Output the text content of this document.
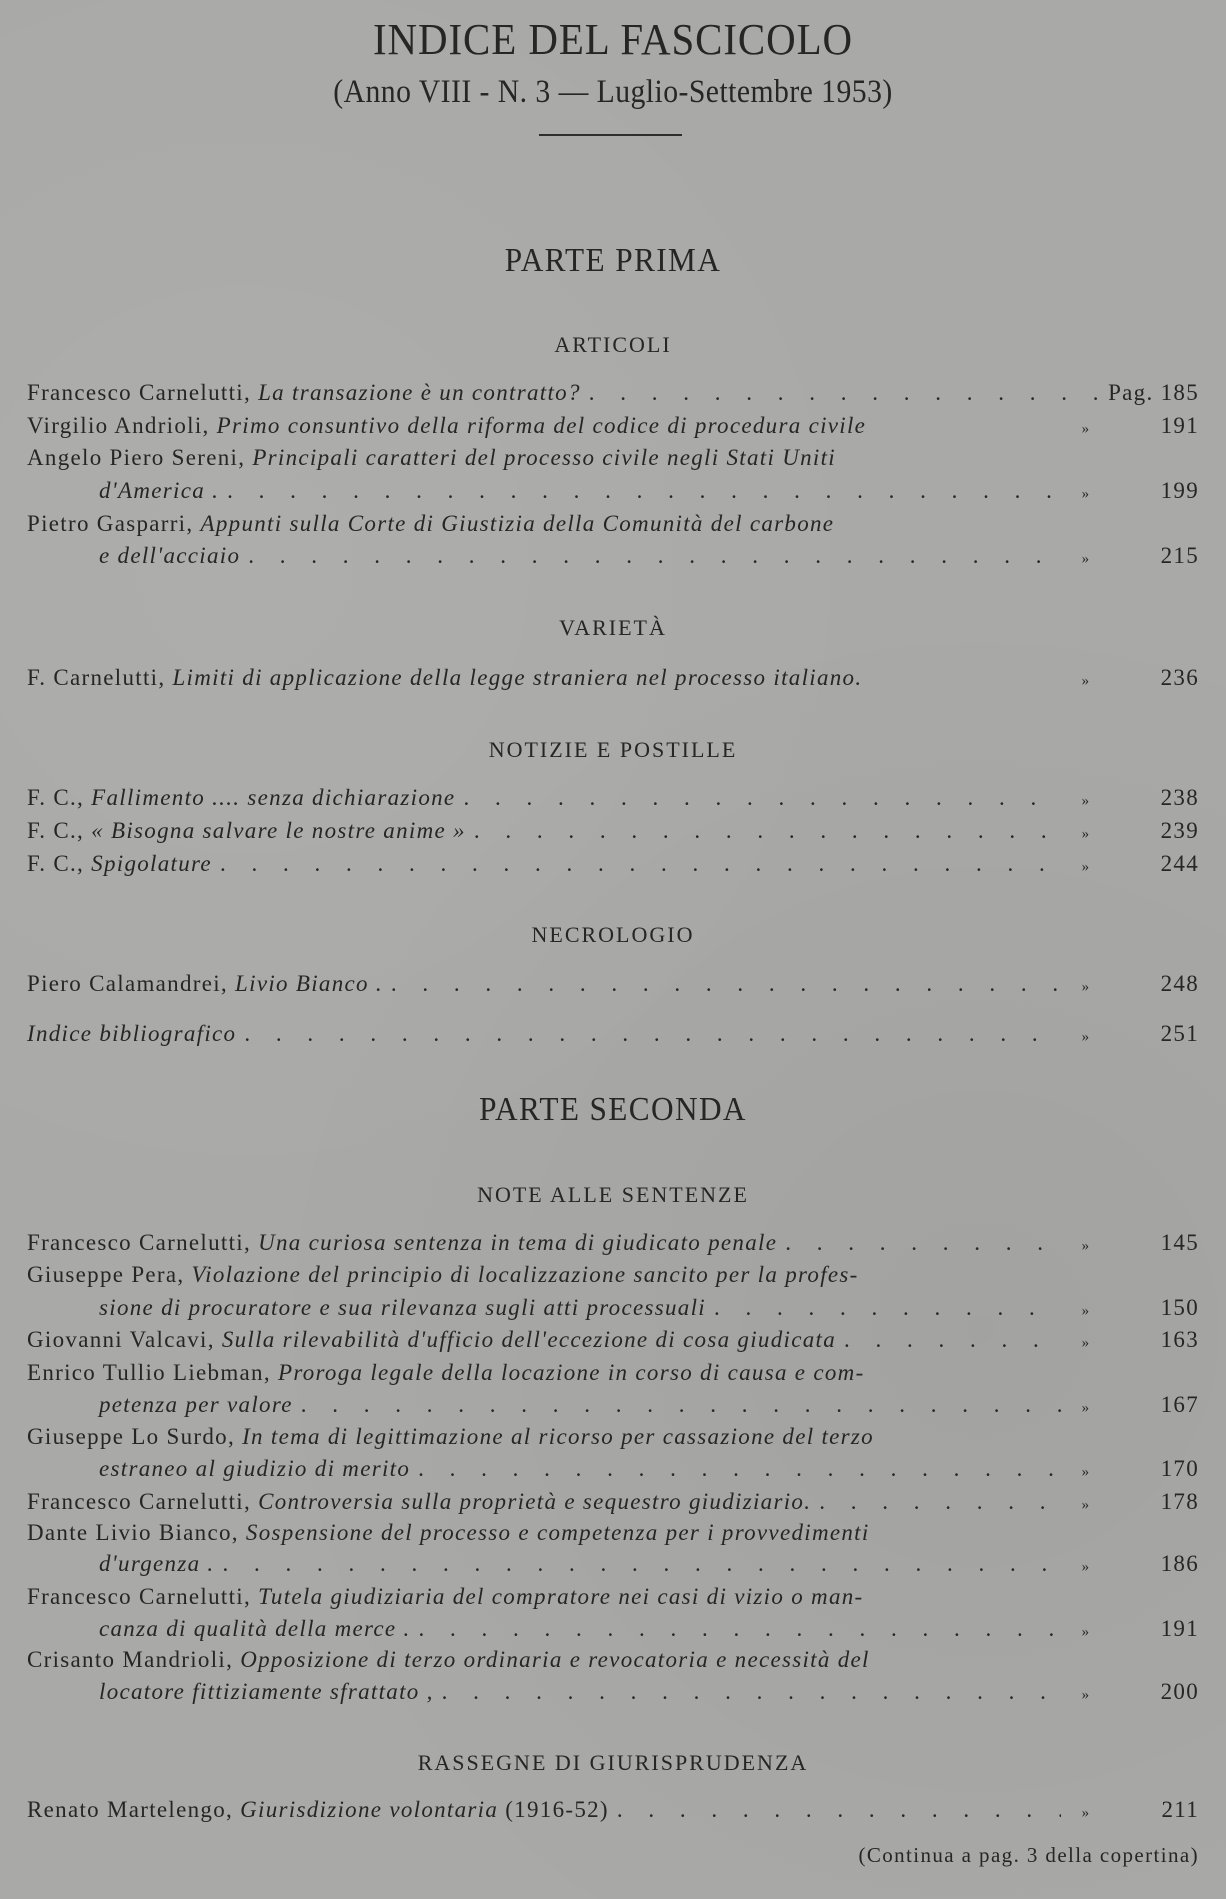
INDICE DEL FASCICOLO
(Anno VIII - N. 3 — Luglio-Settembre 1953)
PARTE PRIMA
ARTICOLI
Francesco Carnelutti, La transazione è un contratto? . . .	Pag. 185
Virgilio Andrioli, Primo consuntivo della riforma del codice di procedura civile	»	191
Angelo Piero Sereni, Principali caratteri del processo civile negli Stati Uniti
d'America . . . .	»	199
Pietro Gasparri, Appunti sulla Corte di Giustizia della Comunità del carbone
e dell'acciaio . . .	»	215
VARIETÀ
F. Carnelutti, Limiti di applicazione della legge straniera nel processo italiano.	»	236
NOTIZIE E POSTILLE
F. C., Fallimento .... senza dichiarazione . . .	»	238
F. C., « Bisogna salvare le nostre anime » . . .	»	239
F. C., Spigolature . . .	»	244
NECROLOGIO
Piero Calamandrei, Livio Bianco . . . .	»	248
Indice bibliografico . . .	»	251
PARTE SECONDA
NOTE ALLE SENTENZE
Francesco Carnelutti, Una curiosa sentenza in tema di giudicato penale . . .	»	145
Giuseppe Pera, Violazione del principio di localizzazione sancito per la profes-
sione di procuratore e sua rilevanza sugli atti processuali . . .	»	150
Giovanni Valcavi, Sulla rilevabilità d'ufficio dell'eccezione di cosa giudicata . . .	»	163
Enrico Tullio Liebman, Proroga legale della locazione in corso di causa e com-
petenza per valore . . .	»	167
Giuseppe Lo Surdo, In tema di legittimazione al ricorso per cassazione del terzo
estraneo al giudizio di merito . . .	»	170
Francesco Carnelutti, Controversia sulla proprietà e sequestro giudiziario. . . .	»	178
Dante Livio Bianco, Sospensione del processo e competenza per i provvedimenti
d'urgenza . . . .	»	186
Francesco Carnelutti, Tutela giudiziaria del compratore nei casi di vizio o man-
canza di qualità della merce . . . .	»	191
Crisanto Mandrioli, Opposizione di terzo ordinaria e revocatoria e necessità del
locatore fittiziamente sfrattato , . . .	»	200
RASSEGNE DI GIURISPRUDENZA
Renato Martelengo, Giurisdizione volontaria (1916-52) . . .	»	211
(Continua a pag. 3 della copertina)
